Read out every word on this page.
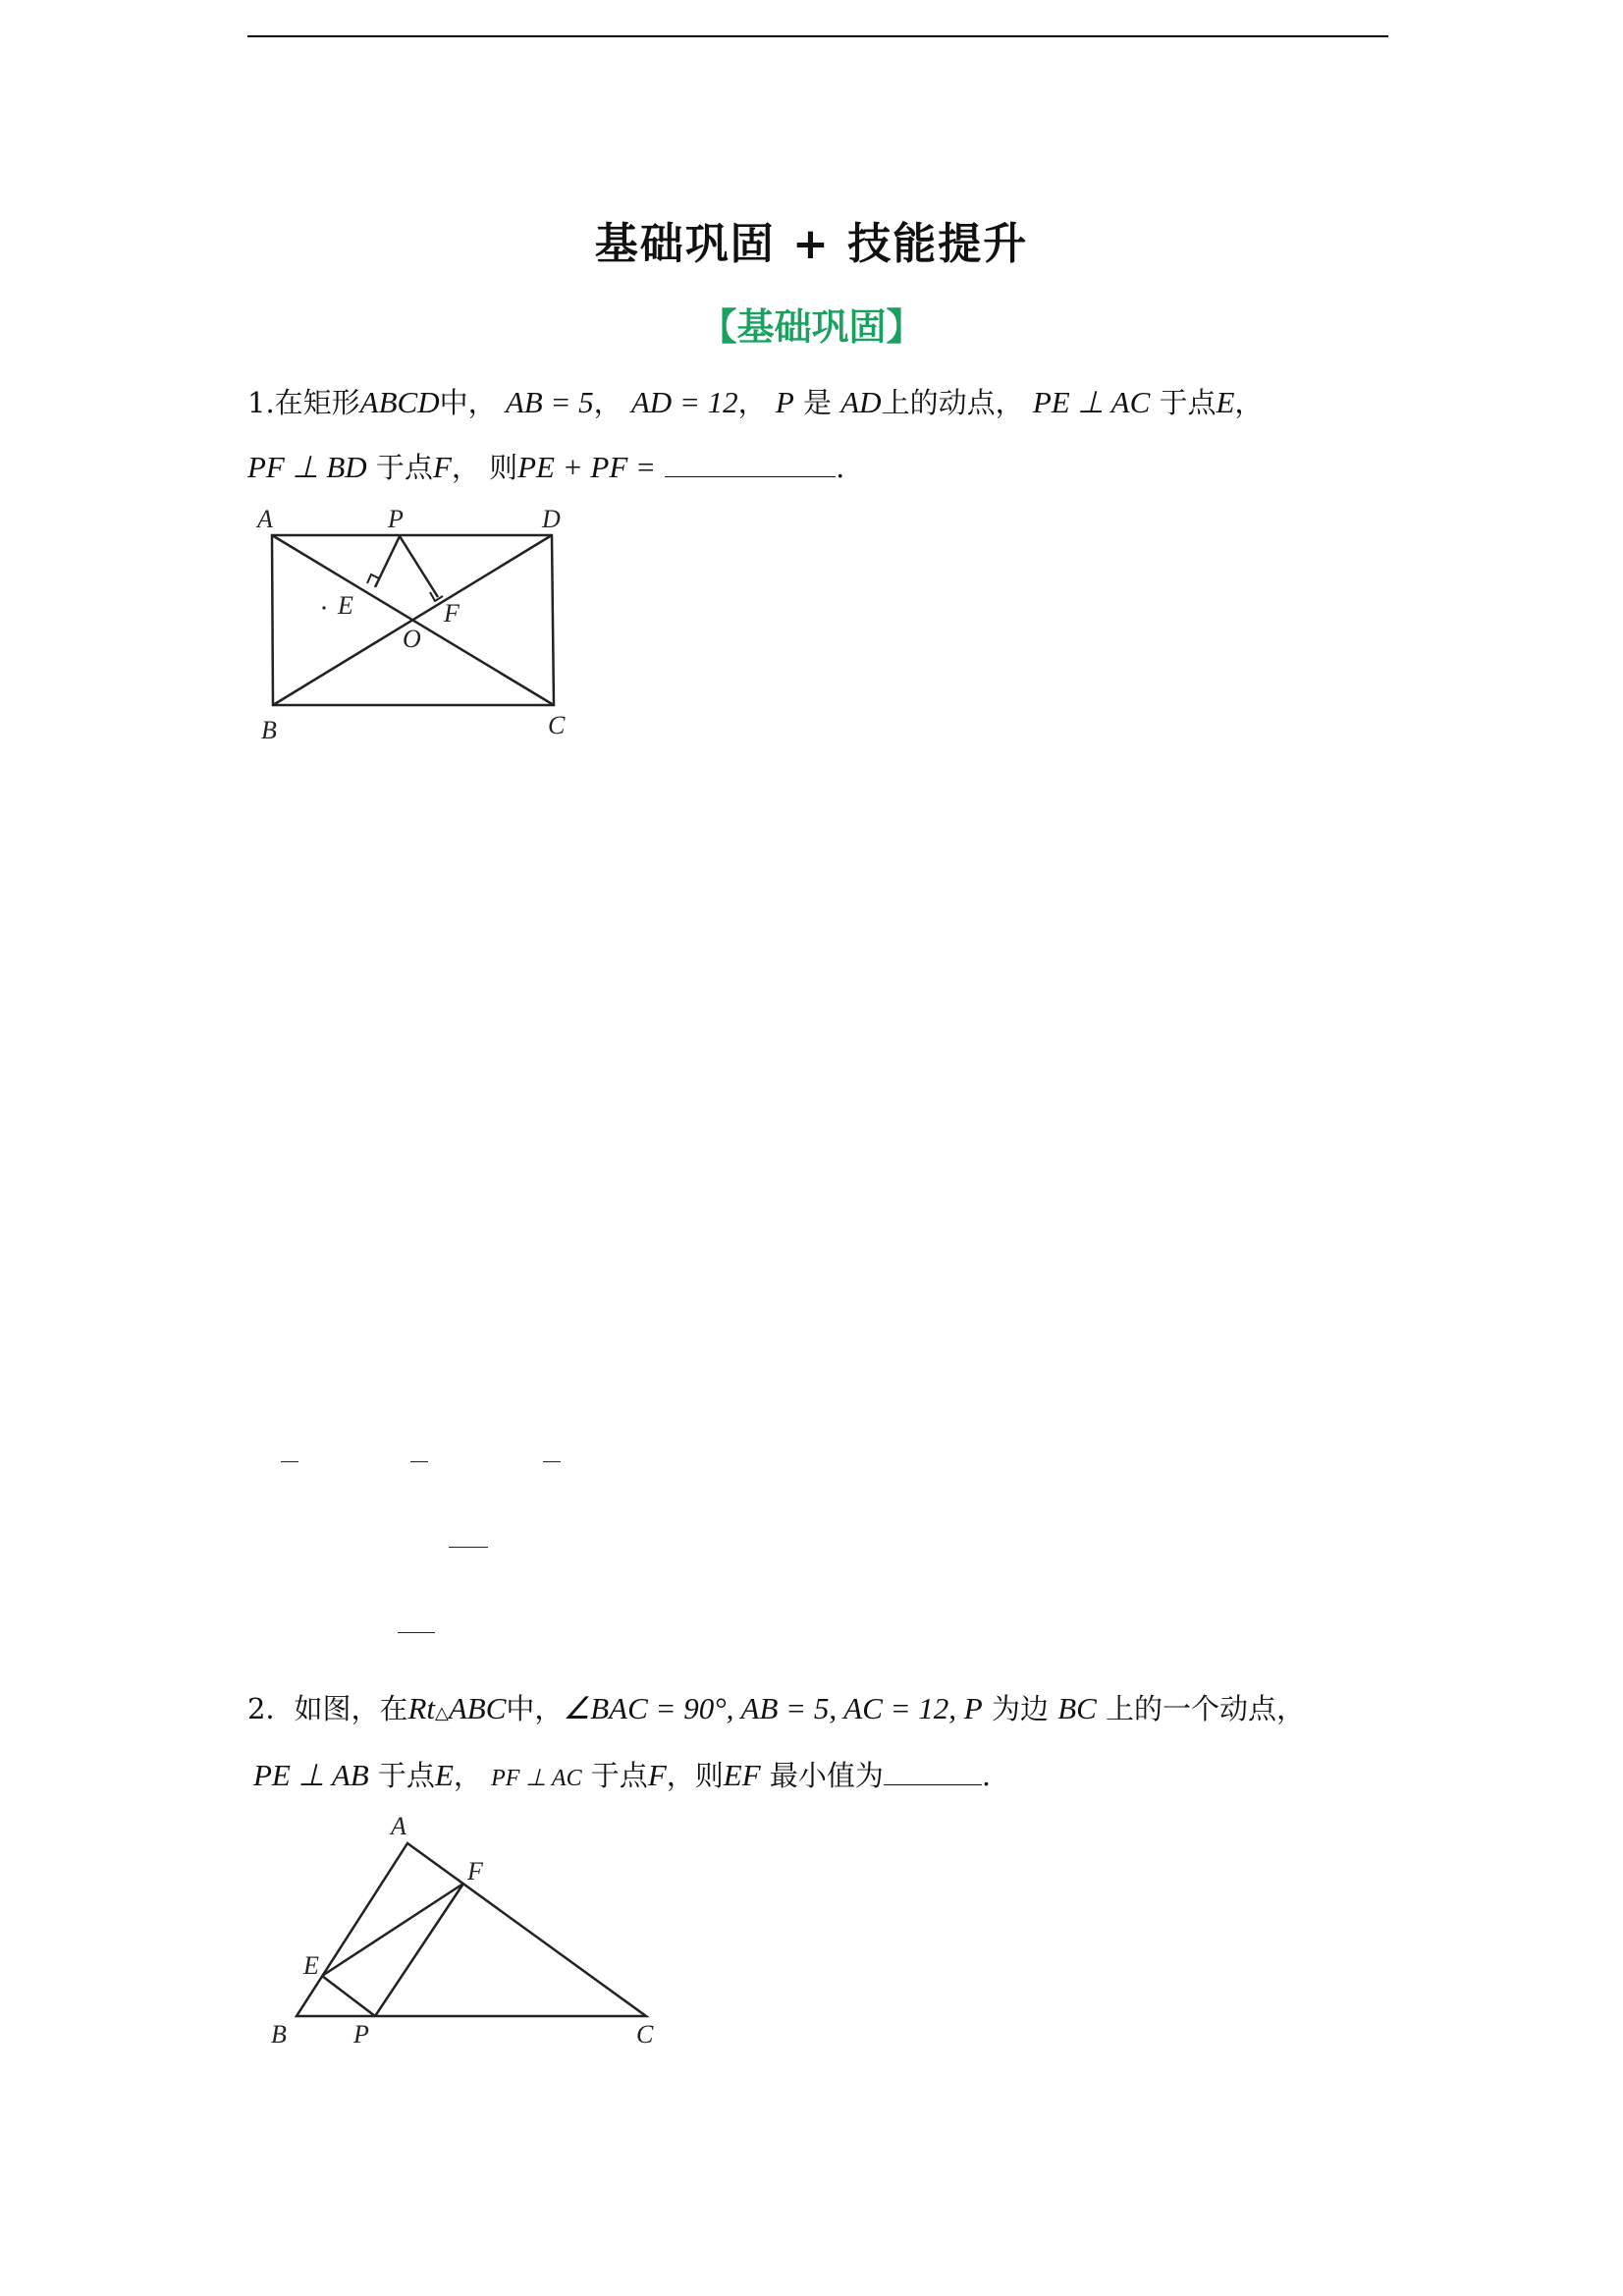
基础巩固 + 技能提升
【基础巩固】
1.在矩形ABCD中， AB = 5， AD = 12， P 是 AD上的动点， PE ⊥ AC 于点E，
PF ⊥ BD 于点F， 则PE + PF =	.
A	P	D
E	F
O
B	C
2．如图，在Rt△ABC中，∠BAC = 90°, AB = 5, AC = 12, P 为边 BC 上的一个动点，
PE ⊥ AB 于点E， PF ⊥ AC 于点F，则EF 最小值为	.
A
F
E
B	P	C
